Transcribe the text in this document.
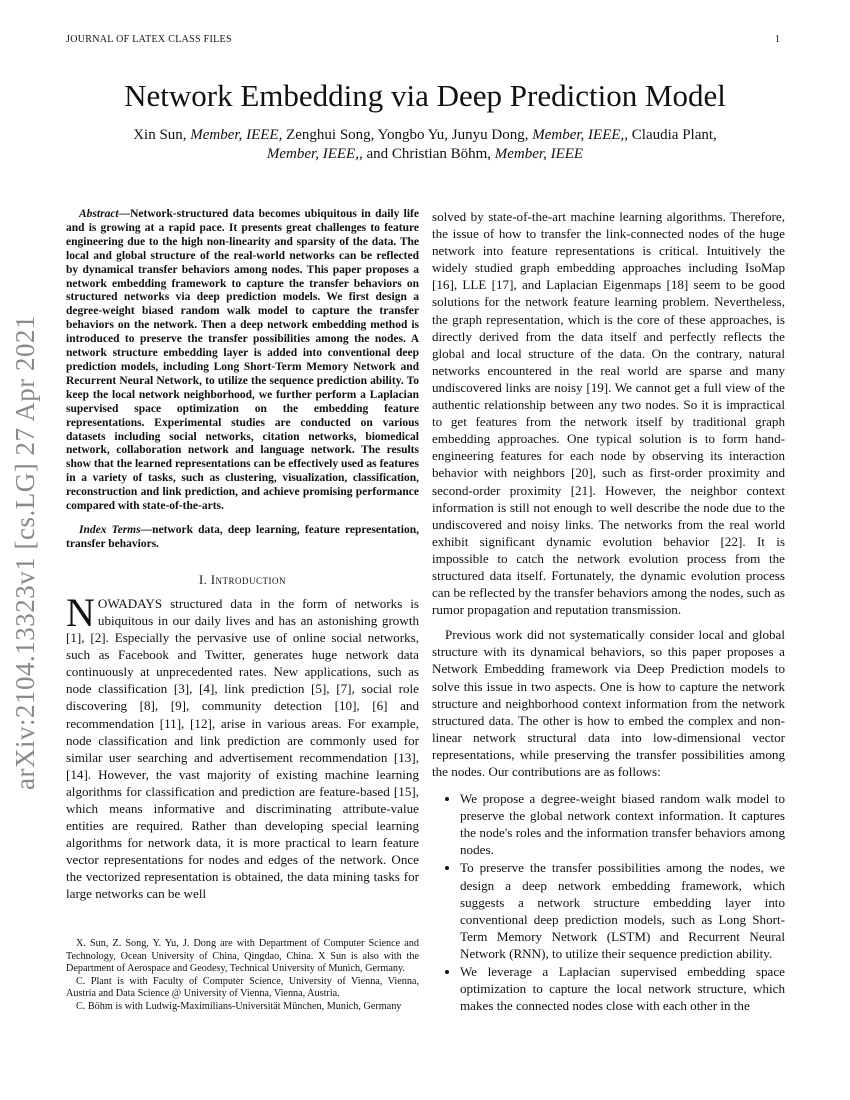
JOURNAL OF LATEX CLASS FILES	1
arXiv:2104.13323v1 [cs.LG] 27 Apr 2021
Network Embedding via Deep Prediction Model
Xin Sun, Member, IEEE, Zenghui Song, Yongbo Yu, Junyu Dong, Member, IEEE,, Claudia Plant,
Member, IEEE,, and Christian Böhm, Member, IEEE

Abstract—Network-structured data becomes ubiquitous in daily life and is growing at a rapid pace. It presents great challenges to feature engineering due to the high non-linearity and sparsity of the data. The local and global structure of the real-world networks can be reflected by dynamical transfer behaviors among nodes. This paper proposes a network embedding framework to capture the transfer behaviors on structured networks via deep prediction models. We first design a degree-weight biased random walk model to capture the transfer behaviors on the network. Then a deep network embedding method is introduced to preserve the transfer possibilities among the nodes. A network structure embedding layer is added into conventional deep prediction models, including Long Short-Term Memory Network and Recurrent Neural Network, to utilize the sequence prediction ability. To keep the local network neighborhood, we further perform a Laplacian supervised space optimization on the embedding feature representations. Experimental studies are conducted on various datasets including social networks, citation networks, biomedical network, collaboration network and language network. The results show that the learned representations can be effectively used as features in a variety of tasks, such as clustering, visualization, classification, reconstruction and link prediction, and achieve promising performance compared with state-of-the-arts.

Index Terms—network data, deep learning, feature representation, transfer behaviors.

I. Introduction

NOWADAYS structured data in the form of networks is ubiquitous in our daily lives and has an astonishing growth [1], [2]. Especially the pervasive use of online social networks, such as Facebook and Twitter, generates huge network data continuously at unprecedented rates. New applications, such as node classification [3], [4], link prediction [5], [7], social role discovering [8], [9], community detection [10], [6] and recommendation [11], [12], arise in various areas. For example, node classification and link prediction are commonly used for similar user searching and advertisement recommendation [13], [14]. However, the vast majority of existing machine learning algorithms for classification and prediction are feature-based [15], which means informative and discriminating attribute-value entities are required. Rather than developing special learning algorithms for network data, it is more practical to learn feature vector representations for nodes and edges of the network. Once the vectorized representation is obtained, the data mining tasks for large networks can be well

X. Sun, Z. Song, Y. Yu, J. Dong are with Department of Computer Science and Technology, Ocean University of China, Qingdao, China. X Sun is also with the Department of Aerospace and Geodesy, Technical University of Munich, Germany.

C. Plant is with Faculty of Computer Science, University of Vienna, Vienna, Austria and Data Science @ University of Vienna, Vienna, Austria.

C. Böhm is with Ludwig-Maximilians-Universität München, Munich, Germany

solved by state-of-the-art machine learning algorithms. Therefore, the issue of how to transfer the link-connected nodes of the huge network into feature representations is critical. Intuitively the widely studied graph embedding approaches including IsoMap [16], LLE [17], and Laplacian Eigenmaps [18] seem to be good solutions for the network feature learning problem. Nevertheless, the graph representation, which is the core of these approaches, is directly derived from the data itself and perfectly reflects the global and local structure of the data. On the contrary, natural networks encountered in the real world are sparse and many undiscovered links are noisy [19]. We cannot get a full view of the authentic relationship between any two nodes. So it is impractical to get features from the network itself by traditional graph embedding approaches. One typical solution is to form hand-engineering features for each node by observing its interaction behavior with neighbors [20], such as first-order proximity and second-order proximity [21]. However, the neighbor context information is still not enough to well describe the node due to the undiscovered and noisy links. The networks from the real world exhibit significant dynamic evolution behavior [22]. It is impossible to catch the network evolution process from the structured data itself. Fortunately, the dynamic evolution process can be reflected by the transfer behaviors among the nodes, such as rumor propagation and reputation transmission.

Previous work did not systematically consider local and global structure with its dynamical behaviors, so this paper proposes a Network Embedding framework via Deep Prediction models to solve this issue in two aspects. One is how to capture the network structure and neighborhood context information from the network structured data. The other is how to embed the complex and non-linear network structural data into low-dimensional vector representations, while preserving the transfer possibilities among the nodes. Our contributions are as follows:

• We propose a degree-weight biased random walk model to preserve the global network context information. It captures the node's roles and the information transfer behaviors among nodes.
• To preserve the transfer possibilities among the nodes, we design a deep network embedding framework, which suggests a network structure embedding layer into conventional deep prediction models, such as Long Short-Term Memory Network (LSTM) and Recurrent Neural Network (RNN), to utilize their sequence prediction ability.
• We leverage a Laplacian supervised embedding space optimization to capture the local network structure, which makes the connected nodes close with each other in the
